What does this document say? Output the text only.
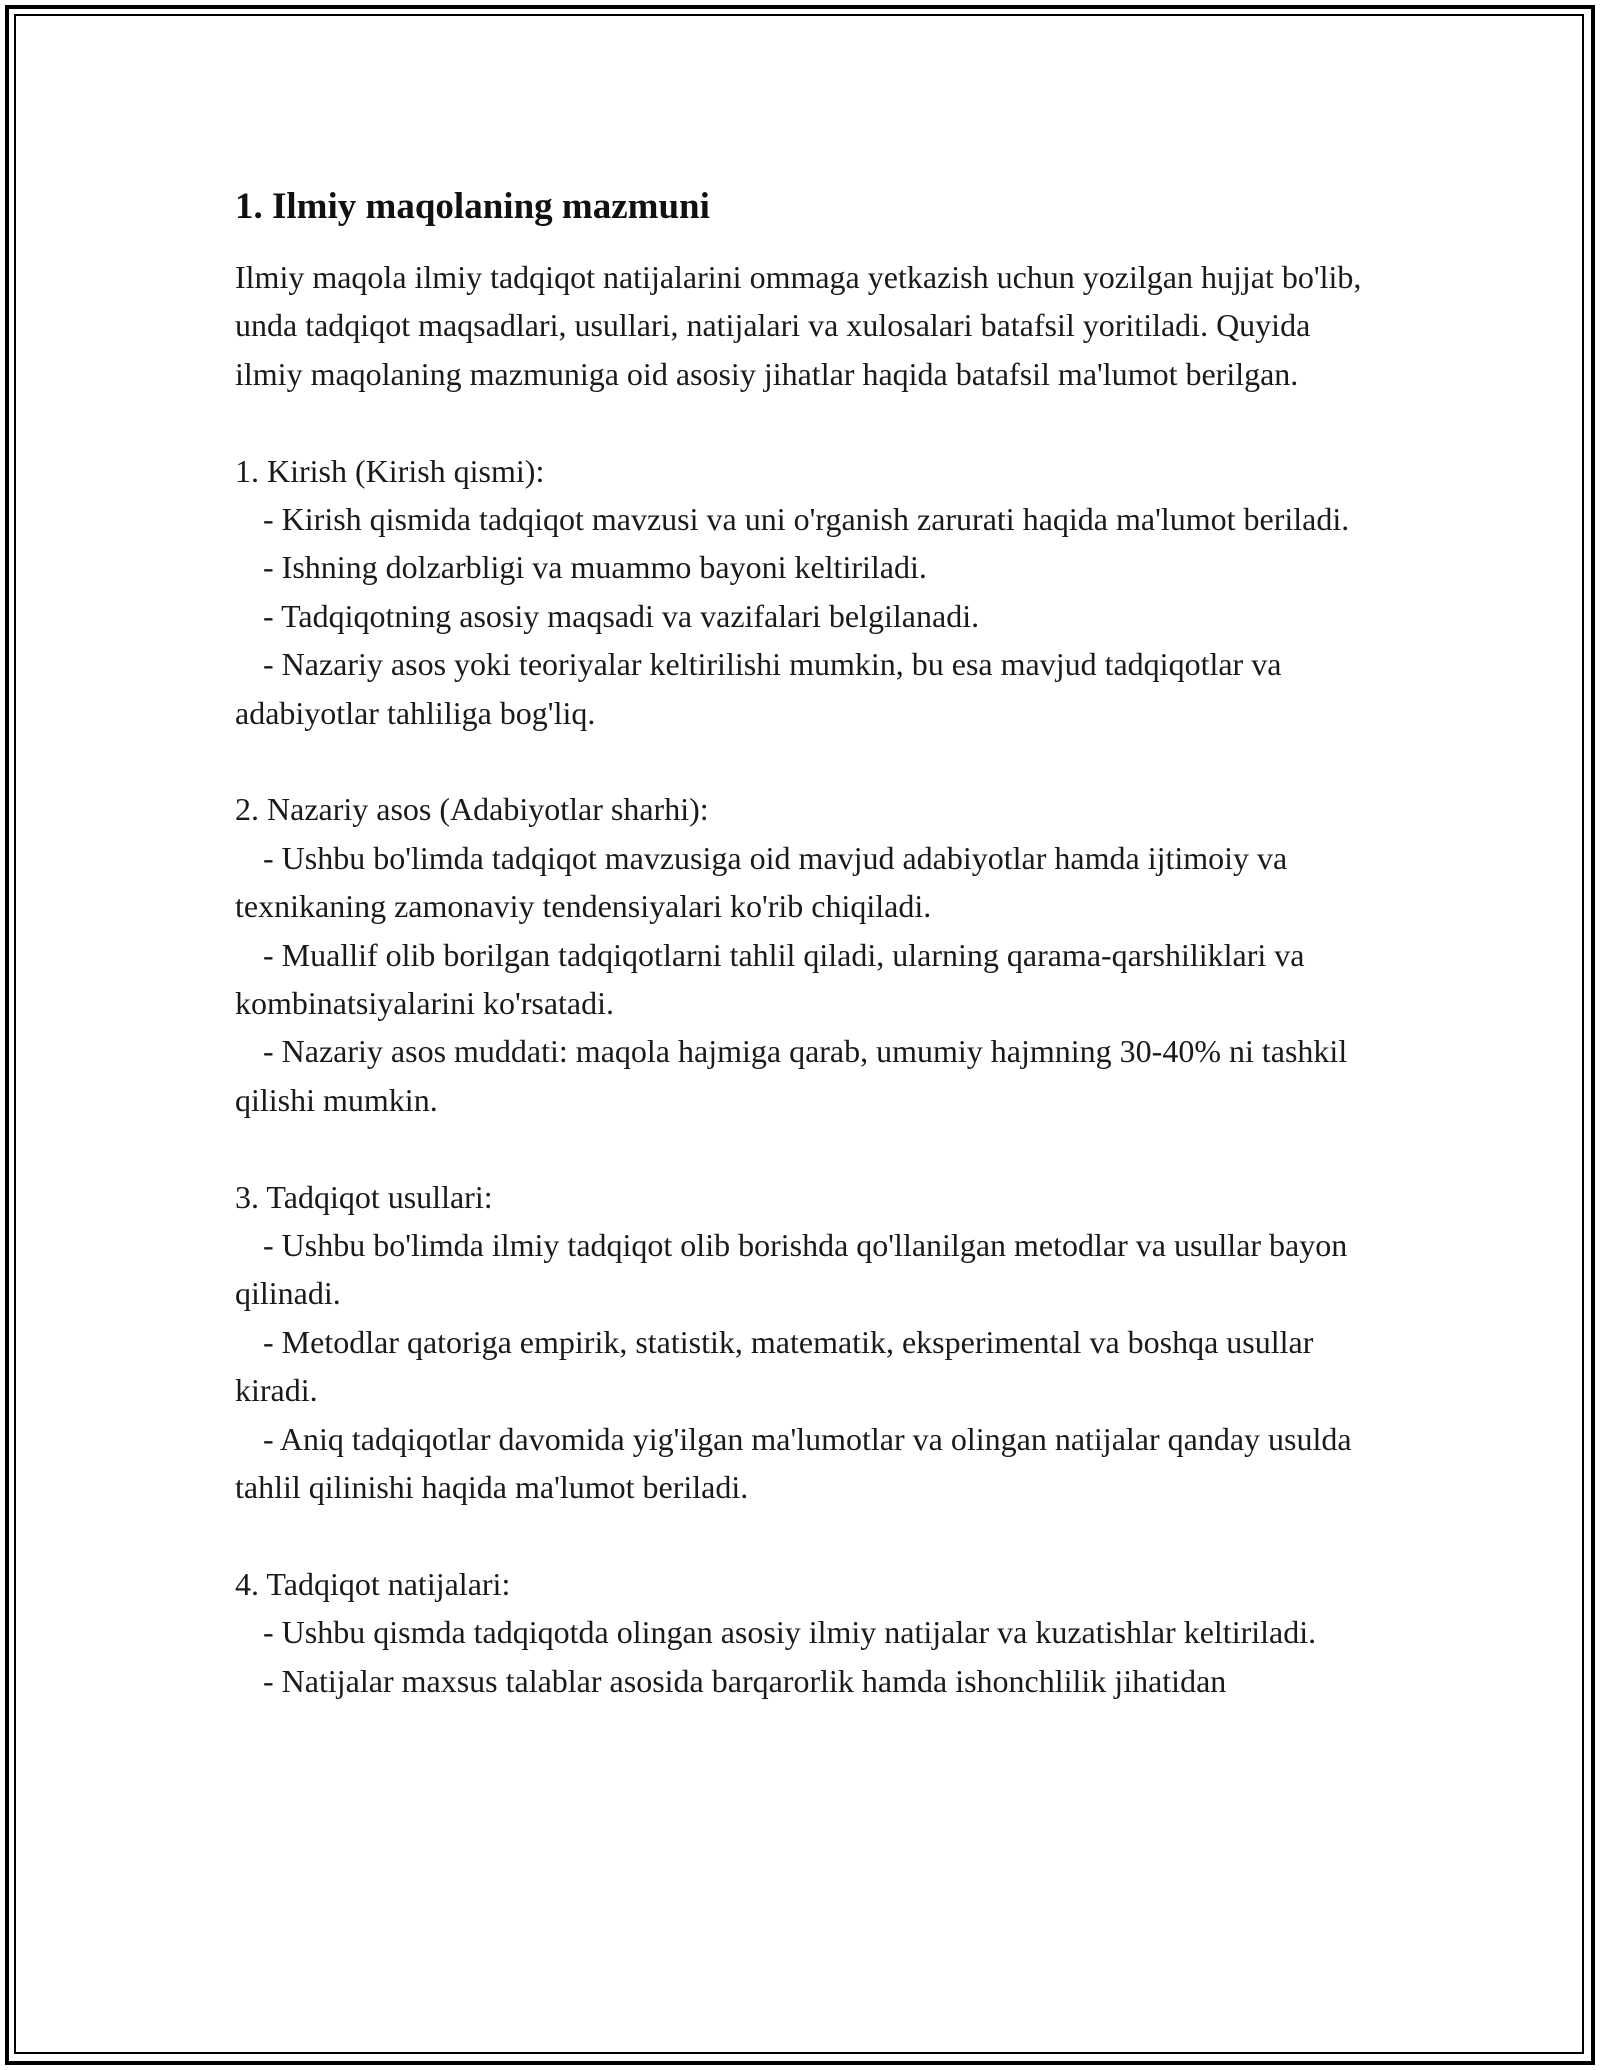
1. Ilmiy maqolaning mazmuni

Ilmiy maqola ilmiy tadqiqot natijalarini ommaga yetkazish uchun yozilgan hujjat bo'lib, unda tadqiqot maqsadlari, usullari, natijalari va xulosalari batafsil yoritiladi. Quyida ilmiy maqolaning mazmuniga oid asosiy jihatlar haqida batafsil ma'lumot berilgan.

1. Kirish (Kirish qismi):

- Kirish qismida tadqiqot mavzusi va uni o'rganish zarurati haqida ma'lumot beriladi.

- Ishning dolzarbligi va muammo bayoni keltiriladi.

- Tadqiqotning asosiy maqsadi va vazifalari belgilanadi.

- Nazariy asos yoki teoriyalar keltirilishi mumkin, bu esa mavjud tadqiqotlar va adabiyotlar tahliliga bog'liq.

2. Nazariy asos (Adabiyotlar sharhi):

- Ushbu bo'limda tadqiqot mavzusiga oid mavjud adabiyotlar hamda ijtimoiy va texnikaning zamonaviy tendensiyalari ko'rib chiqiladi.

- Muallif olib borilgan tadqiqotlarni tahlil qiladi, ularning qarama-qarshiliklari va kombinatsiyalarini ko'rsatadi.

- Nazariy asos muddati: maqola hajmiga qarab, umumiy hajmning 30-40% ni tashkil qilishi mumkin.

3. Tadqiqot usullari:

- Ushbu bo'limda ilmiy tadqiqot olib borishda qo'llanilgan metodlar va usullar bayon qilinadi.

- Metodlar qatoriga empirik, statistik, matematik, eksperimental va boshqa usullar kiradi.

- Aniq tadqiqotlar davomida yig'ilgan ma'lumotlar va olingan natijalar qanday usulda tahlil qilinishi haqida ma'lumot beriladi.

4. Tadqiqot natijalari:

- Ushbu qismda tadqiqotda olingan asosiy ilmiy natijalar va kuzatishlar keltiriladi.

- Natijalar maxsus talablar asosida barqarorlik hamda ishonchlilik jihatidan
